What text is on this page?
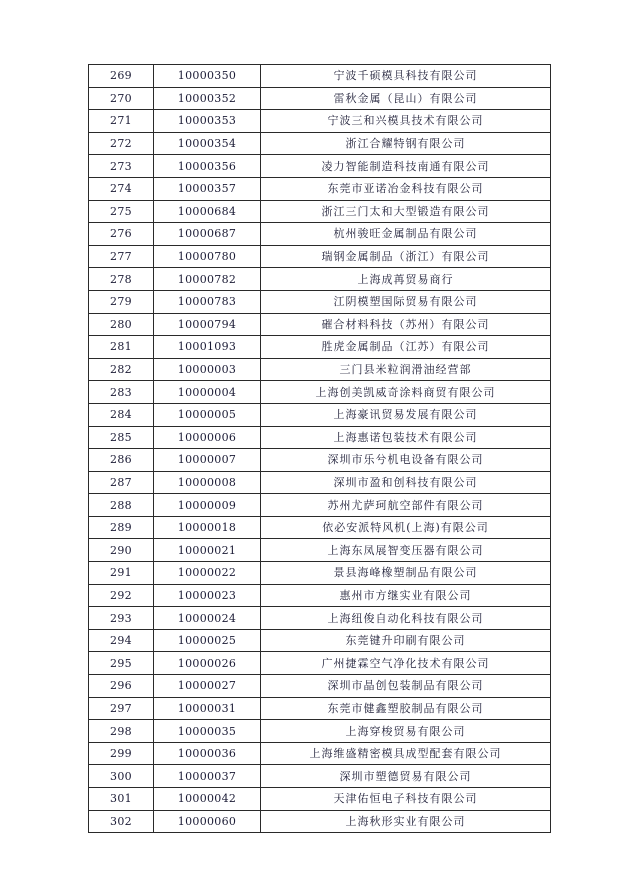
269	10000350	宁波千硕模具科技有限公司
270	10000352	雷秋金属（昆山）有限公司
271	10000353	宁波三和兴模具技术有限公司
272	10000354	浙江合耀特钢有限公司
273	10000356	凌力智能制造科技南通有限公司
274	10000357	东莞市亚诺冶金科技有限公司
275	10000684	浙江三门太和大型锻造有限公司
276	10000687	杭州骏旺金属制品有限公司
277	10000780	瑞钢金属制品（浙江）有限公司
278	10000782	上海成苒贸易商行
279	10000783	江阴模塑国际贸易有限公司
280	10000794	磪合材料科技（苏州）有限公司
281	10001093	胜虎金属制品（江苏）有限公司
282	10000003	三门县米粒润滑油经营部
283	10000004	上海创美凯威奇涂料商贸有限公司
284	10000005	上海豪讯贸易发展有限公司
285	10000006	上海惠诺包装技术有限公司
286	10000007	深圳市乐兮机电设备有限公司
287	10000008	深圳市盈和创科技有限公司
288	10000009	苏州尤萨珂航空部件有限公司
289	10000018	依必安派特风机(上海)有限公司
290	10000021	上海东凤展智变压器有限公司
291	10000022	景县海峰橡塑制品有限公司
292	10000023	惠州市方继实业有限公司
293	10000024	上海纽俊自动化科技有限公司
294	10000025	东莞键升印刷有限公司
295	10000026	广州捷霖空气净化技术有限公司
296	10000027	深圳市晶创包装制品有限公司
297	10000031	东莞市健鑫塑胶制品有限公司
298	10000035	上海穿梭贸易有限公司
299	10000036	上海维盛精密模具成型配套有限公司
300	10000037	深圳市塑德贸易有限公司
301	10000042	天津佑恒电子科技有限公司
302	10000060	上海秋形实业有限公司
